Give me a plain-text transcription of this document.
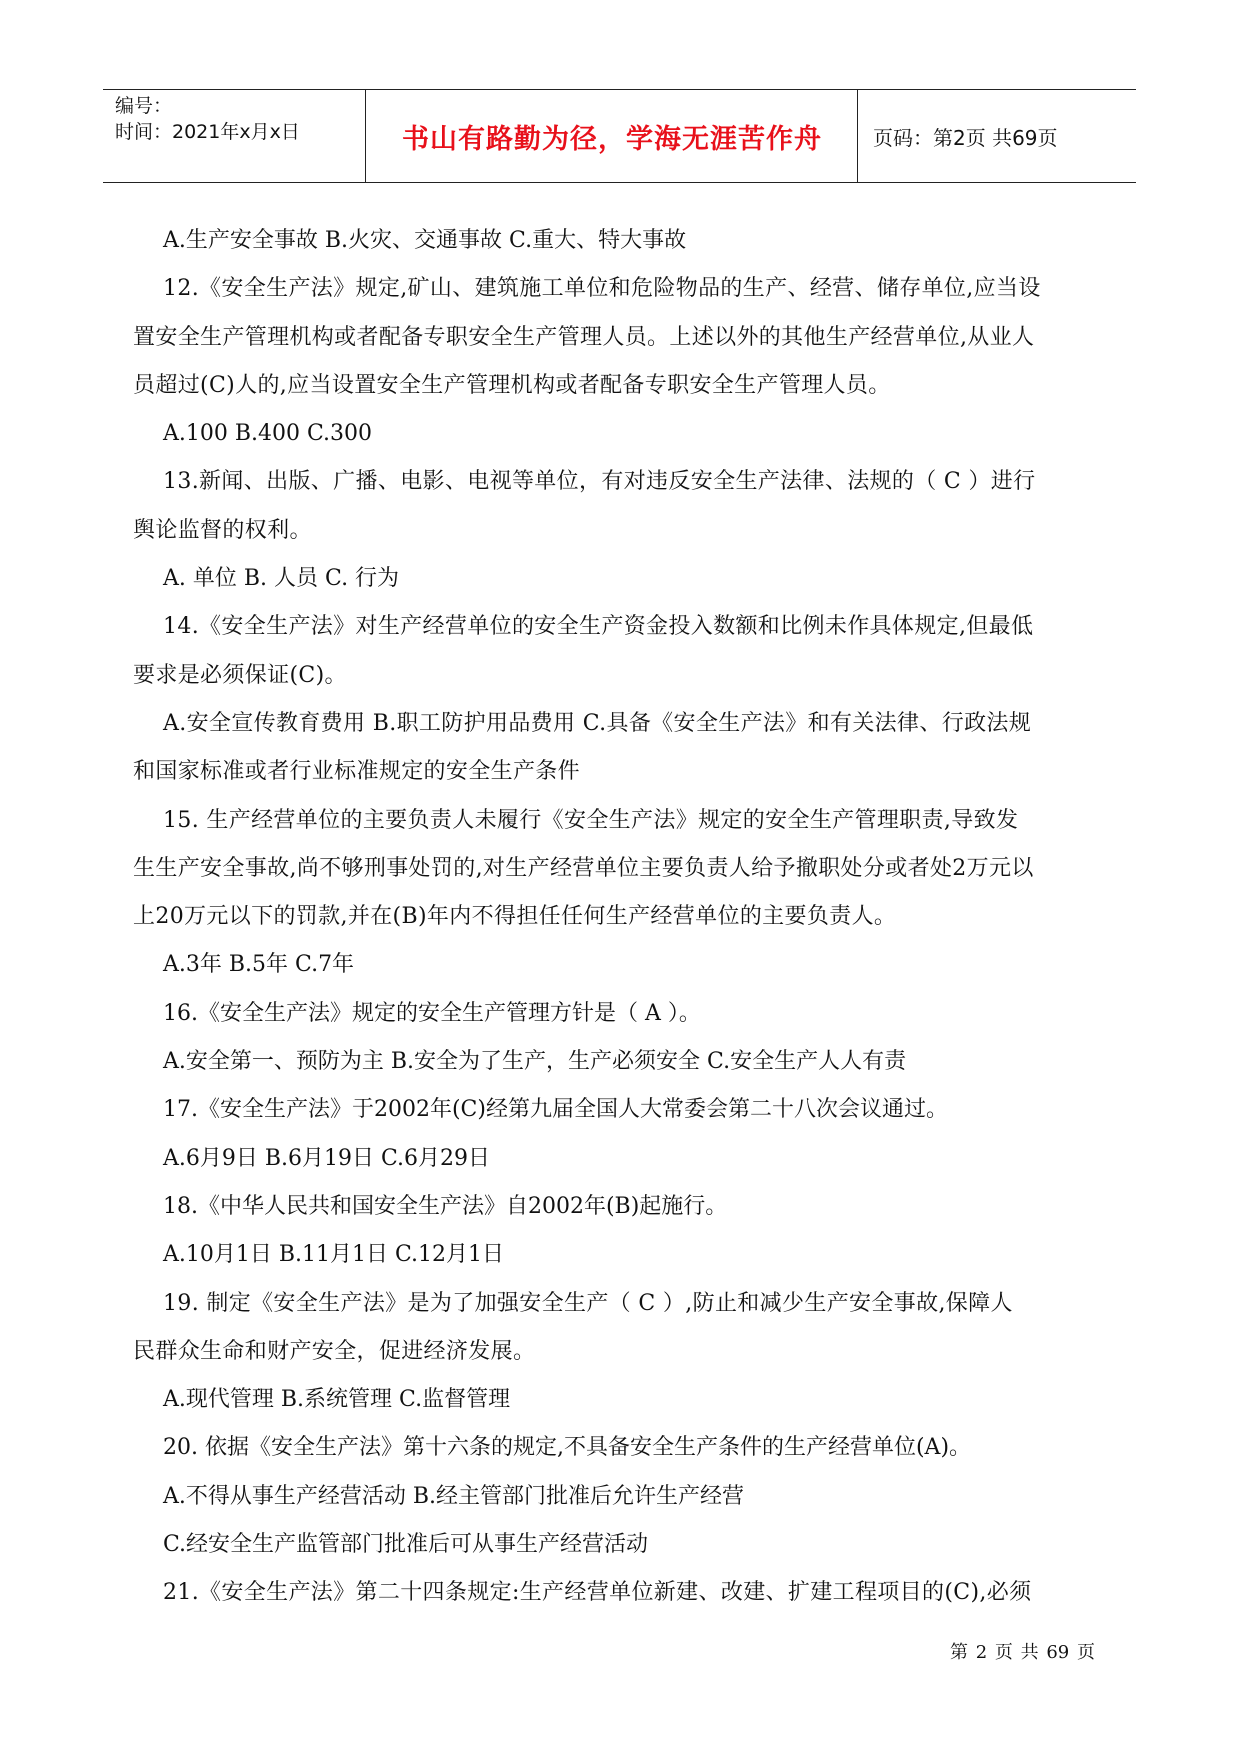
编号：
时间：2021年x月x日	书山有路勤为径，学海无涯苦作舟	页码：第2页 共69页
A.生产安全事故 B.火灾、交通事故 C.重大、特大事故
12.《安全生产法》规定,矿山、建筑施工单位和危险物品的生产、经营、储存单位,应当设
置安全生产管理机构或者配备专职安全生产管理人员。上述以外的其他生产经营单位,从业人
员超过(C)人的,应当设置安全生产管理机构或者配备专职安全生产管理人员。
A.100 B.400 C.300
13.新闻、出版、广播、电影、电视等单位，有对违反安全生产法律、法规的（ C ）进行
舆论监督的权利。
A. 单位 B. 人员 C. 行为
14.《安全生产法》对生产经营单位的安全生产资金投入数额和比例未作具体规定,但最低
要求是必须保证(C)。
A.安全宣传教育费用 B.职工防护用品费用 C.具备《安全生产法》和有关法律、行政法规
和国家标准或者行业标准规定的安全生产条件
15. 生产经营单位的主要负责人未履行《安全生产法》规定的安全生产管理职责,导致发
生生产安全事故,尚不够刑事处罚的,对生产经营单位主要负责人给予撤职处分或者处2万元以
上20万元以下的罚款,并在(B)年内不得担任任何生产经营单位的主要负责人。
A.3年 B.5年 C.7年
16.《安全生产法》规定的安全生产管理方针是（ A ）。
A.安全第一、预防为主 B.安全为了生产，生产必须安全 C.安全生产人人有责
17.《安全生产法》于2002年(C)经第九届全国人大常委会第二十八次会议通过。
A.6月9日 B.6月19日 C.6月29日
18.《中华人民共和国安全生产法》自2002年(B)起施行。
A.10月1日 B.11月1日 C.12月1日
19. 制定《安全生产法》是为了加强安全生产（ C ）,防止和减少生产安全事故,保障人
民群众生命和财产安全，促进经济发展。
A.现代管理 B.系统管理 C.监督管理
20. 依据《安全生产法》第十六条的规定,不具备安全生产条件的生产经营单位(A)。
A.不得从事生产经营活动 B.经主管部门批准后允许生产经营
C.经安全生产监管部门批准后可从事生产经营活动
21.《安全生产法》第二十四条规定:生产经营单位新建、改建、扩建工程项目的(C),必须
第 2 页 共 69 页
